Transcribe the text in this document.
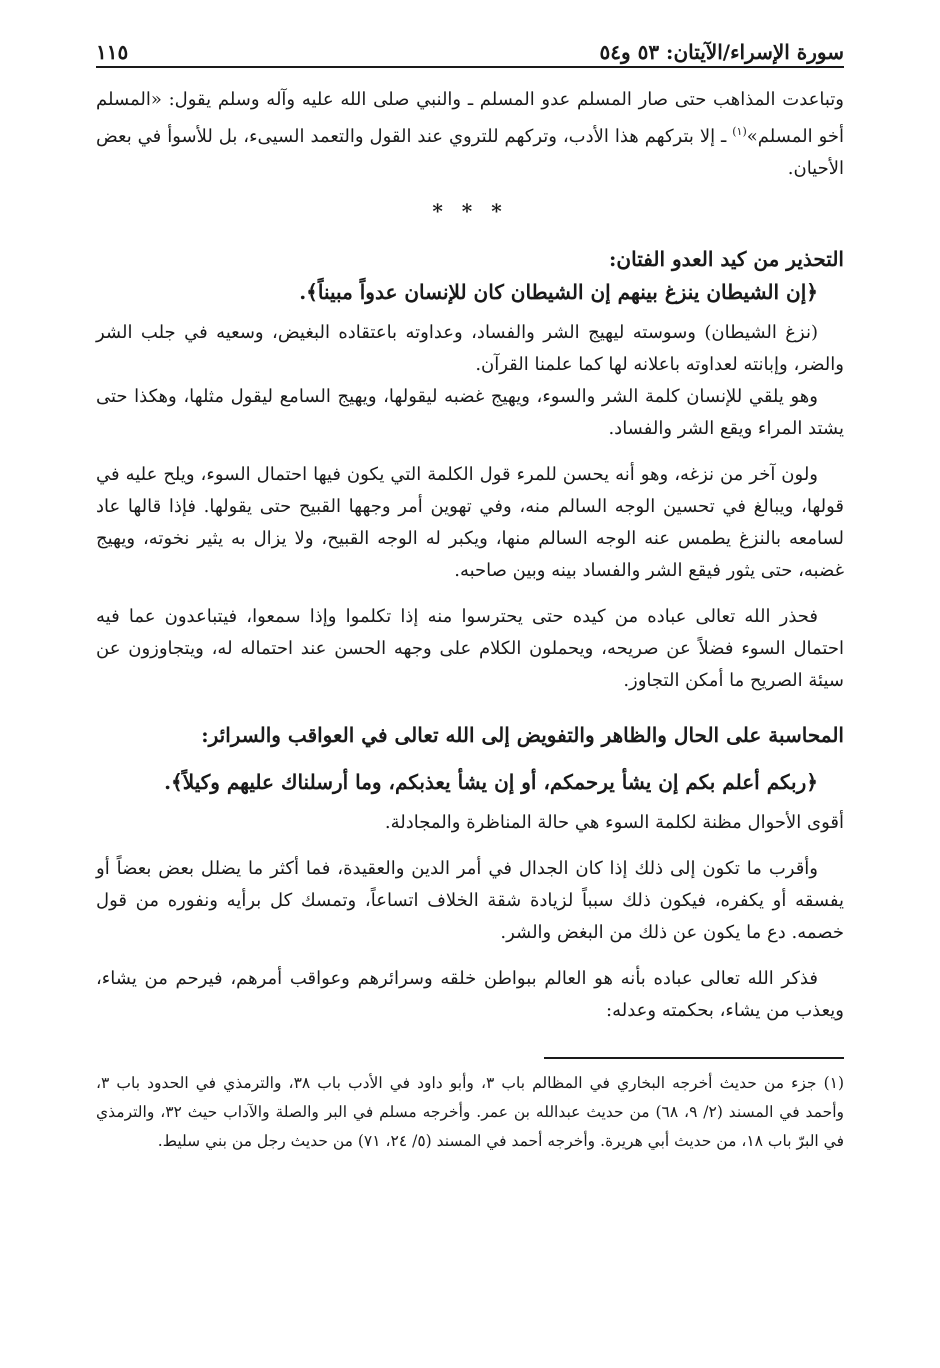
سورة الإسراء/الآيتان: ٥٣ و٥٤
١١٥

وتباعدت المذاهب حتى صار المسلم عدو المسلم ـ والنبي صلى الله عليه وآله وسلم يقول: «المسلم أخو المسلم»$^{(١)}$ ـ إلا بتركهم هذا الأدب، وتركهم للتروي عند القول والتعمد السيىء، بل للأسوأ في بعض الأحيان.

* * *

التحذير من كيد العدو الفتان:

﴿إن الشيطان ينزغ بينهم إن الشيطان كان للإنسان عدواً مبيناً﴾.

(نزغ الشيطان) وسوسته ليهيج الشر والفساد، وعداوته باعتقاده البغيض، وسعيه في جلب الشر والضر، وإبانته لعداوته باعلانه لها كما علمنا القرآن.

وهو يلقي للإنسان كلمة الشر والسوء، ويهيج غضبه ليقولها، ويهيج السامع ليقول مثلها، وهكذا حتى يشتد المراء ويقع الشر والفساد.

ولون آخر من نزغه، وهو أنه يحسن للمرء قول الكلمة التي يكون فيها احتمال السوء، ويلح عليه في قولها، ويبالغ في تحسين الوجه السالم منه، وفي تهوين أمر وجهها القبيح حتى يقولها. فإذا قالها عاد لسامعه بالنزغ يطمس عنه الوجه السالم منها، ويكبر له الوجه القبيح، ولا يزال به يثير نخوته، ويهيج غضبه، حتى يثور فيقع الشر والفساد بينه وبين صاحبه.

فحذر الله تعالى عباده من كيده حتى يحترسوا منه إذا تكلموا وإذا سمعوا، فيتباعدون عما فيه احتمال السوء فضلاً عن صريحه، ويحملون الكلام على وجهه الحسن عند احتماله له، ويتجاوزون عن سيئة الصريح ما أمكن التجاوز.

المحاسبة على الحال والظاهر والتفويض إلى الله تعالى في العواقب والسرائر:

﴿ربكم أعلم بكم إن يشأ يرحمكم، أو إن يشأ يعذبكم، وما أرسلناك عليهم وكيلاً﴾.

أقوى الأحوال مظنة لكلمة السوء هي حالة المناظرة والمجادلة.

وأقرب ما تكون إلى ذلك إذا كان الجدال في أمر الدين والعقيدة، فما أكثر ما يضلل بعض بعضاً أو يفسقه أو يكفره، فيكون ذلك سبباً لزيادة شقة الخلاف اتساعاً، وتمسك كل برأيه ونفوره من قول خصمه. دع ما يكون عن ذلك من البغض والشر.

فذكر الله تعالى عباده بأنه هو العالم ببواطن خلقه وسرائرهم وعواقب أمرهم، فيرحم من يشاء، ويعذب من يشاء، بحكمته وعدله:

(١) جزء من حديث أخرجه البخاري في المظالم باب ٣، وأبو داود في الأدب باب ٣٨، والترمذي في الحدود باب ٣، وأحمد في المسند (٢/ ٩، ٦٨) من حديث عبدالله بن عمر. وأخرجه مسلم في البر والصلة والآداب حيث ٣٢، والترمذي في البرّ باب ١٨، من حديث أبي هريرة. وأخرجه أحمد في المسند (٥/ ٢٤، ٧١) من حديث رجل من بني سليط.
